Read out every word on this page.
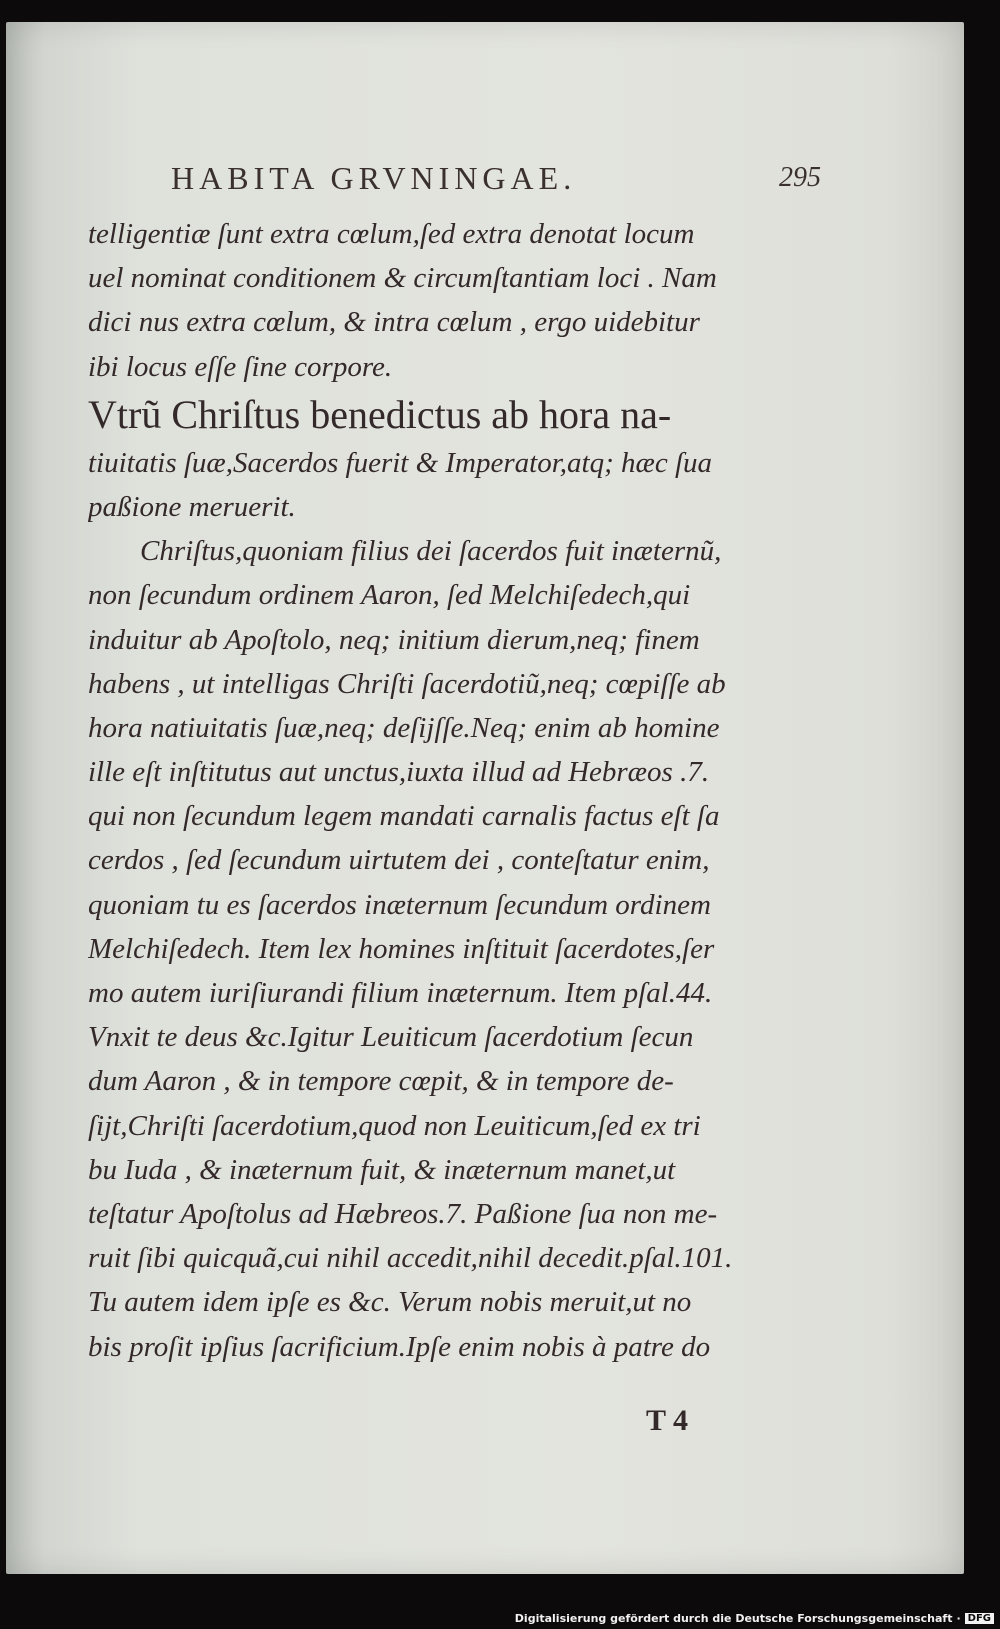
HABITA GRVNINGAE.	295
telligentiæ ſunt extra cœlum,ſed extra denotat locum
uel nominat conditionem & circumſtantiam loci . Nam
dici nus extra cœlum, & intra cœlum , ergo uidebitur
ibi locus eſſe ſine corpore.
Vtrũ Chriſtus benedictus ab hora na-
tiuitatis ſuæ,Sacerdos fuerit & Imperator,atq; hæc ſua
paßione meruerit.
Chriſtus,quoniam filius dei ſacerdos fuit inæternũ,
non ſecundum ordinem Aaron, ſed Melchiſedech,qui
induitur ab Apoſtolo, neq; initium dierum,neq; finem
habens , ut intelligas Chriſti ſacerdotiũ,neq; cœpiſſe ab
hora natiuitatis ſuæ,neq; deſijſſe.Neq; enim ab homine
ille eſt inſtitutus aut unctus,iuxta illud ad Hebræos .7.
qui non ſecundum legem mandati carnalis factus eſt ſa
cerdos , ſed ſecundum uirtutem dei , conteſtatur enim,
quoniam tu es ſacerdos inæternum ſecundum ordinem
Melchiſedech. Item lex homines inſtituit ſacerdotes,ſer
mo autem iuriſiurandi filium inæternum. Item pſal.44.
Vnxit te deus &c.Igitur Leuiticum ſacerdotium ſecun
dum Aaron , & in tempore cœpit, & in tempore de-
ſijt,Chriſti ſacerdotium,quod non Leuiticum,ſed ex tri
bu Iuda , & inæternum fuit, & inæternum manet,ut
teſtatur Apoſtolus ad Hæbreos.7. Paßione ſua non me-
ruit ſibi quicquã,cui nihil accedit,nihil decedit.pſal.101.
Tu autem idem ipſe es &c. Verum nobis meruit,ut no
bis proſit ipſius ſacrificium.Ipſe enim nobis à patre do
T 4
Digitalisierung gefördert durch die Deutsche Forschungsgemeinschaft · DFG
